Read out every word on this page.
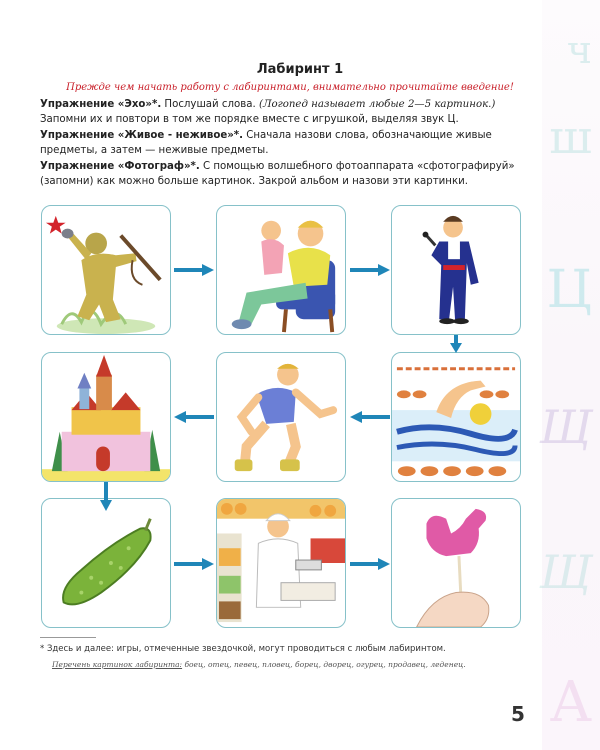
ч
ш
Ц
Щ
Щ
А
Лабиринт 1
Прежде чем начать работу с лабиринтами, внимательно прочитайте введение!
Упражнение «Эхо»*. Послушай слова. (Логопед называет любые 2—5 картинок.) Запомни их и повтори в том же порядке вместе с игрушкой, выделяя звук Ц.
Упражнение «Живое - неживое»*. Сначала назови слова, обозначающие живые предметы, а затем — неживые предметы.
Упражнение «Фотограф»*. С помощью волшебного фотоаппарата «сфотографируй» (запомни) как можно больше картинок. Закрой альбом и назови эти картинки.
* Здесь и далее: игры, отмеченные звездочкой, могут проводиться с любым лабиринтом.
Перечень картинок лабиринта: боец, отец, певец, пловец, борец, дворец, огурец, продавец, леденец.
5
